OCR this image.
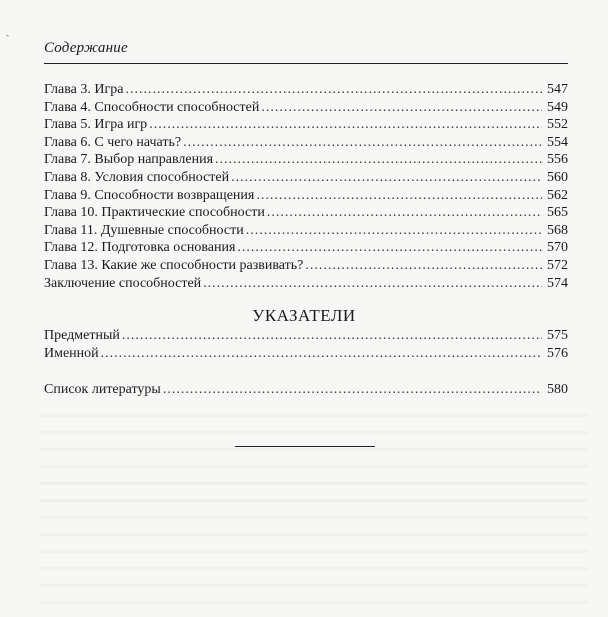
-
Содержание
Глава 3. Игра .....	547
Глава 4. Способности способностей .....	549
Глава 5. Игра игр .....	552
Глава 6. С чего начать? .....	554
Глава 7. Выбор направления .....	556
Глава 8. Условия способностей .....	560
Глава 9. Способности возвращения .....	562
Глава 10. Практические способности .....	565
Глава 11. Душевные способности .....	568
Глава 12. Подготовка основания .....	570
Глава 13. Какие же способности развивать? .....	572
Заключение способностей .....	574
УКАЗАТЕЛИ
Предметный .....	575
Именной .....	576
Список литературы .....	580
